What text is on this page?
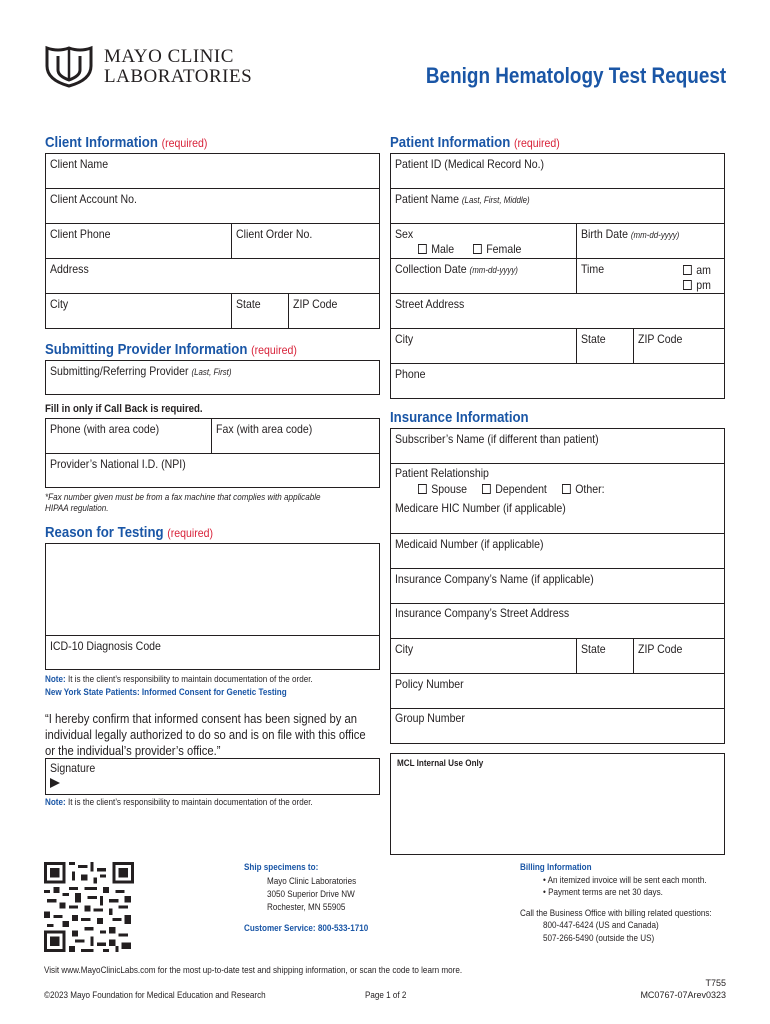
MAYO CLINIC
LABORATORIES	Benign Hematology Test Request
Client Information (required)
Client Name
Client Account No.
Client Phone	Client Order No.
Address
City	State	ZIP Code
Submitting Provider Information (required)
Submitting/Referring Provider (Last, First)
Fill in only if Call Back is required.
Phone (with area code)	Fax (with area code)
Provider’s National I.D. (NPI)
*Fax number given must be from a fax machine that complies with applicable
HIPAA regulation.
Reason for Testing (required)
ICD-10 Diagnosis Code
Note: It is the client’s responsibility to maintain documentation of the order.
New York State Patients: Informed Consent for Genetic Testing
“I hereby confirm that informed consent has been signed by an
individual legally authorized to do so and is on file with this office
or the individual’s provider’s office.”
Signature
Note: It is the client’s responsibility to maintain documentation of the order.
Patient Information (required)
Patient ID (Medical Record No.)
Patient Name (Last, First, Middle)
Sex
Male	Female
Birth Date (mm-dd-yyyy)
Collection Date (mm-dd-yyyy)	Time	am
pm
Street Address
City	State	ZIP Code
Phone
Insurance Information
Subscriber’s Name (if different than patient)
Patient Relationship
Spouse	Dependent	Other:
Medicare HIC Number (if applicable)
Medicaid Number (if applicable)
Insurance Company’s Name (if applicable)
Insurance Company’s Street Address
City	State	ZIP Code
Policy Number
Group Number
MCL Internal Use Only
Ship specimens to:
Mayo Clinic Laboratories
3050 Superior Drive NW
Rochester, MN 55905
Customer Service: 800-533-1710
Billing Information
• An itemized invoice will be sent each month.
• Payment terms are net 30 days.
Call the Business Office with billing related questions:
800-447-6424 (US and Canada)
507-266-5490 (outside the US)
Visit www.MayoClinicLabs.com for the most up-to-date test and shipping information, or scan the code to learn more.
©2023 Mayo Foundation for Medical Education and Research	Page 1 of 2
T755
MC0767-07Arev0323
